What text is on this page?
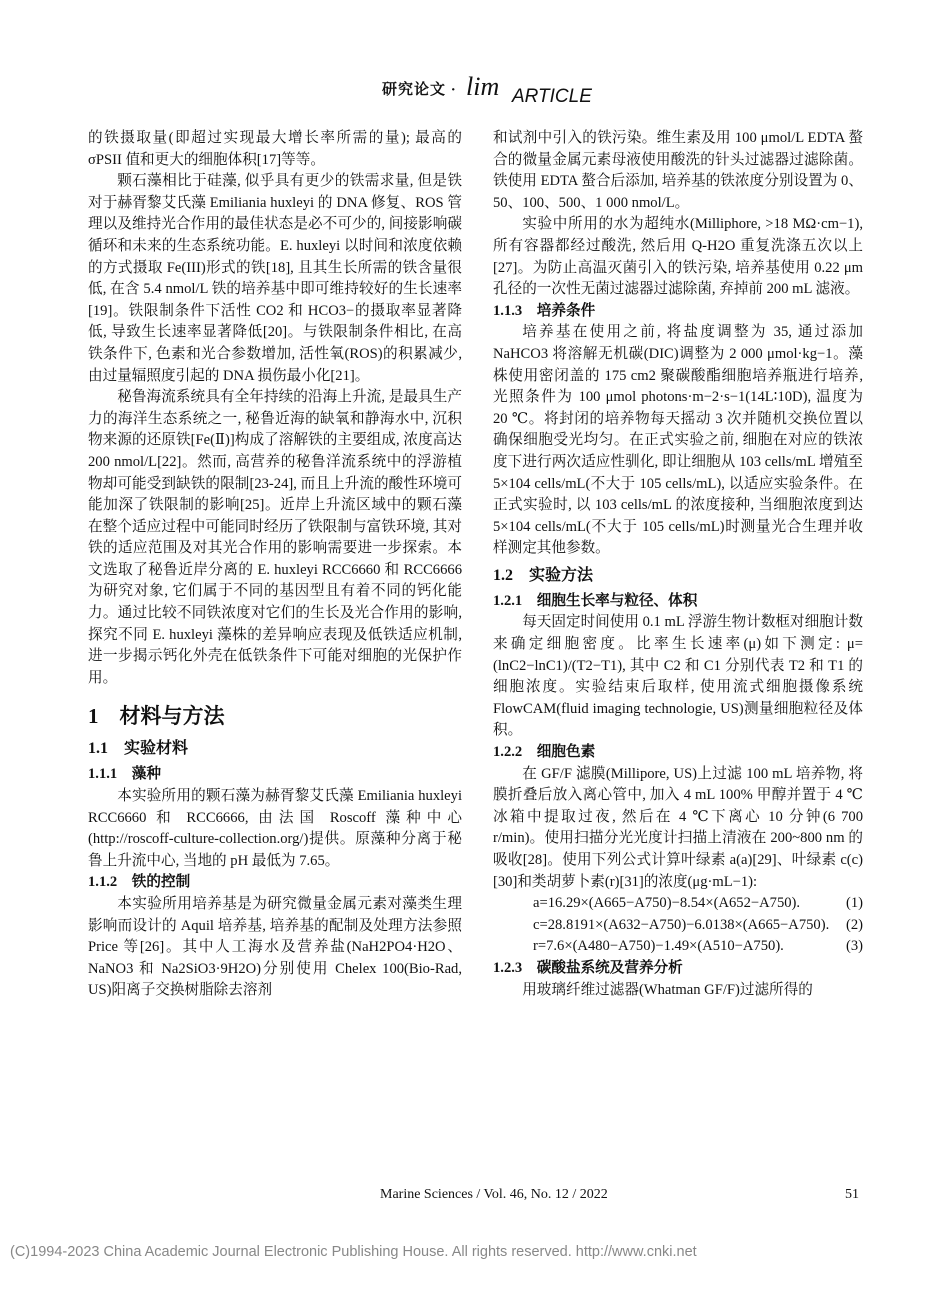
研究论文 · lim ARTICLE

的铁摄取量(即超过实现最大增长率所需的量); 最高的 σPSII 值和更大的细胞体积[17]等等。

颗石藻相比于硅藻, 似乎具有更少的铁需求量, 但是铁对于赫胥黎艾氏藻 Emiliania huxleyi 的 DNA 修复、ROS 管理以及维持光合作用的最佳状态是必不可少的, 间接影响碳循环和未来的生态系统功能。E. huxleyi 以时间和浓度依赖的方式摄取 Fe(III)形式的铁[18], 且其生长所需的铁含量很低, 在含 5.4 nmol/L 铁的培养基中即可维持较好的生长速率[19]。铁限制条件下活性 CO2 和 HCO3−的摄取率显著降低, 导致生长速率显著降低[20]。与铁限制条件相比, 在高铁条件下, 色素和光合参数增加, 活性氧(ROS)的积累减少, 由过量辐照度引起的 DNA 损伤最小化[21]。

秘鲁海流系统具有全年持续的沿海上升流, 是最具生产力的海洋生态系统之一, 秘鲁近海的缺氧和静海水中, 沉积物来源的还原铁[Fe(Ⅱ)]构成了溶解铁的主要组成, 浓度高达 200 nmol/L[22]。然而, 高营养的秘鲁洋流系统中的浮游植物却可能受到缺铁的限制[23-24], 而且上升流的酸性环境可能加深了铁限制的影响[25]。近岸上升流区域中的颗石藻在整个适应过程中可能同时经历了铁限制与富铁环境, 其对铁的适应范围及对其光合作用的影响需要进一步探索。本文选取了秘鲁近岸分离的 E. huxleyi RCC6660 和 RCC6666 为研究对象, 它们属于不同的基因型且有着不同的钙化能力。通过比较不同铁浓度对它们的生长及光合作用的影响, 探究不同 E. huxleyi 藻株的差异响应表现及低铁适应机制, 进一步揭示钙化外壳在低铁条件下可能对细胞的光保护作用。

1　材料与方法
1.1　实验材料
1.1.1　藻种

本实验所用的颗石藻为赫胥黎艾氏藻 Emiliania huxleyi RCC6660 和 RCC6666, 由法国 Roscoff 藻种中心(http://roscoff-culture-collection.org/)提供。原藻种分离于秘鲁上升流中心, 当地的 pH 最低为 7.65。

1.1.2　铁的控制

本实验所用培养基是为研究微量金属元素对藻类生理影响而设计的 Aquil 培养基, 培养基的配制及处理方法参照 Price 等[26]。其中人工海水及营养盐(NaH2PO4·H2O、NaNO3 和 Na2SiO3·9H2O)分别使用 Chelex 100(Bio-Rad, US)阳离子交换树脂除去溶剂

和试剂中引入的铁污染。维生素及用 100 μmol/L EDTA 螯合的微量金属元素母液使用酸洗的针头过滤器过滤除菌。铁使用 EDTA 螯合后添加, 培养基的铁浓度分别设置为 0、50、100、500、1 000 nmol/L。

实验中所用的水为超纯水(Milliphore, >18 MΩ·cm−1), 所有容器都经过酸洗, 然后用 Q-H2O 重复洗涤五次以上[27]。为防止高温灭菌引入的铁污染, 培养基使用 0.22 μm 孔径的一次性无菌过滤器过滤除菌, 弃掉前 200 mL 滤液。

1.1.3　培养条件

培养基在使用之前, 将盐度调整为 35, 通过添加 NaHCO3 将溶解无机碳(DIC)调整为 2 000 μmol·kg−1。藻株使用密闭盖的 175 cm2 聚碳酸酯细胞培养瓶进行培养, 光照条件为 100 μmol photons·m−2·s−1(14L∶10D), 温度为 20 ℃。将封闭的培养物每天摇动 3 次并随机交换位置以确保细胞受光均匀。在正式实验之前, 细胞在对应的铁浓度下进行两次适应性驯化, 即让细胞从 103 cells/mL 增殖至 5×104 cells/mL(不大于 105 cells/mL), 以适应实验条件。在正式实验时, 以 103 cells/mL 的浓度接种, 当细胞浓度到达 5×104 cells/mL(不大于 105 cells/mL)时测量光合生理并收样测定其他参数。

1.2　实验方法
1.2.1　细胞生长率与粒径、体积

每天固定时间使用 0.1 mL 浮游生物计数框对细胞计数来确定细胞密度。比率生长速率(μ)如下测定: μ=(lnC2−lnC1)/(T2−T1), 其中 C2 和 C1 分别代表 T2 和 T1 的细胞浓度。实验结束后取样, 使用流式细胞摄像系统 FlowCAM(fluid imaging technologie, US)测量细胞粒径及体积。

1.2.2　细胞色素

在 GF/F 滤膜(Millipore, US)上过滤 100 mL 培养物, 将膜折叠后放入离心管中, 加入 4 mL 100% 甲醇并置于 4 ℃冰箱中提取过夜, 然后在 4 ℃下离心 10 分钟(6 700 r/min)。使用扫描分光光度计扫描上清液在 200~800 nm 的吸收[28]。使用下列公式计算叶绿素 a(a)[29]、叶绿素 c(c)[30]和类胡萝卜素(r)[31]的浓度(μg·mL−1):

a=16.29×(A665−A750)−8.54×(A652−A750).	(1)
c=28.8191×(A632−A750)−6.0138×(A665−A750). (2)
r=7.6×(A480−A750)−1.49×(A510−A750).	(3)
1.2.3　碳酸盐系统及营养分析

用玻璃纤维过滤器(Whatman GF/F)过滤所得的

Marine Sciences / Vol. 46, No. 12 / 2022	51
(C)1994-2023 China Academic Journal Electronic Publishing House. All rights reserved. http://www.cnki.net
